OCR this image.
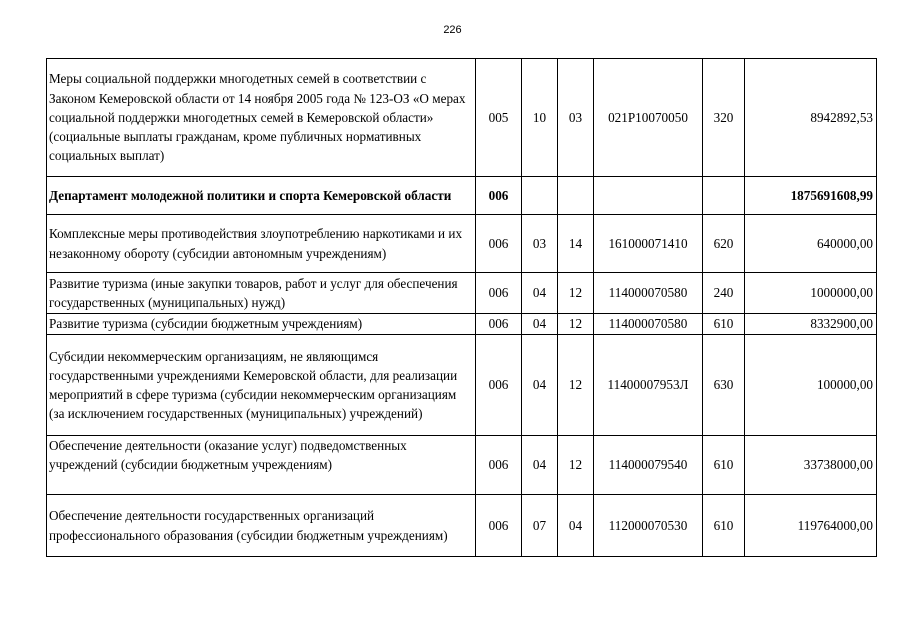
226
Меры социальной поддержки многодетных семей в соответствии с Законом Кемеровской области от 14 ноября 2005 года № 123-ОЗ «О мерах социальной поддержки многодетных семей в Кемеровской области» (социальные выплаты гражданам, кроме публичных нормативных социальных выплат)	005	10	03	021Р10070050	320	8942892,53
Департамент молодежной политики и спорта Кемеровской области	006					1875691608,99
Комплексные меры противодействия злоупотреблению наркотиками и их незаконному обороту (субсидии автономным учреждениям)	006	03	14	161000071410	620	640000,00
Развитие туризма (иные закупки товаров, работ и услуг для обеспечения государственных (муниципальных) нужд)	006	04	12	114000070580	240	1000000,00
Развитие туризма (субсидии бюджетным учреждениям)	006	04	12	114000070580	610	8332900,00
Субсидии некоммерческим организациям, не являющимся государственными учреждениями Кемеровской области, для реализации мероприятий в сфере туризма (субсидии некоммерческим организациям (за исключением государственных (муниципальных) учреждений)	006	04	12	11400007953Л	630	100000,00
Обеспечение деятельности (оказание услуг) подведомственных учреждений (субсидии бюджетным учреждениям)	006	04	12	114000079540	610	33738000,00
Обеспечение деятельности государственных организаций профессионального образования (субсидии бюджетным учреждениям)	006	07	04	112000070530	610	119764000,00
